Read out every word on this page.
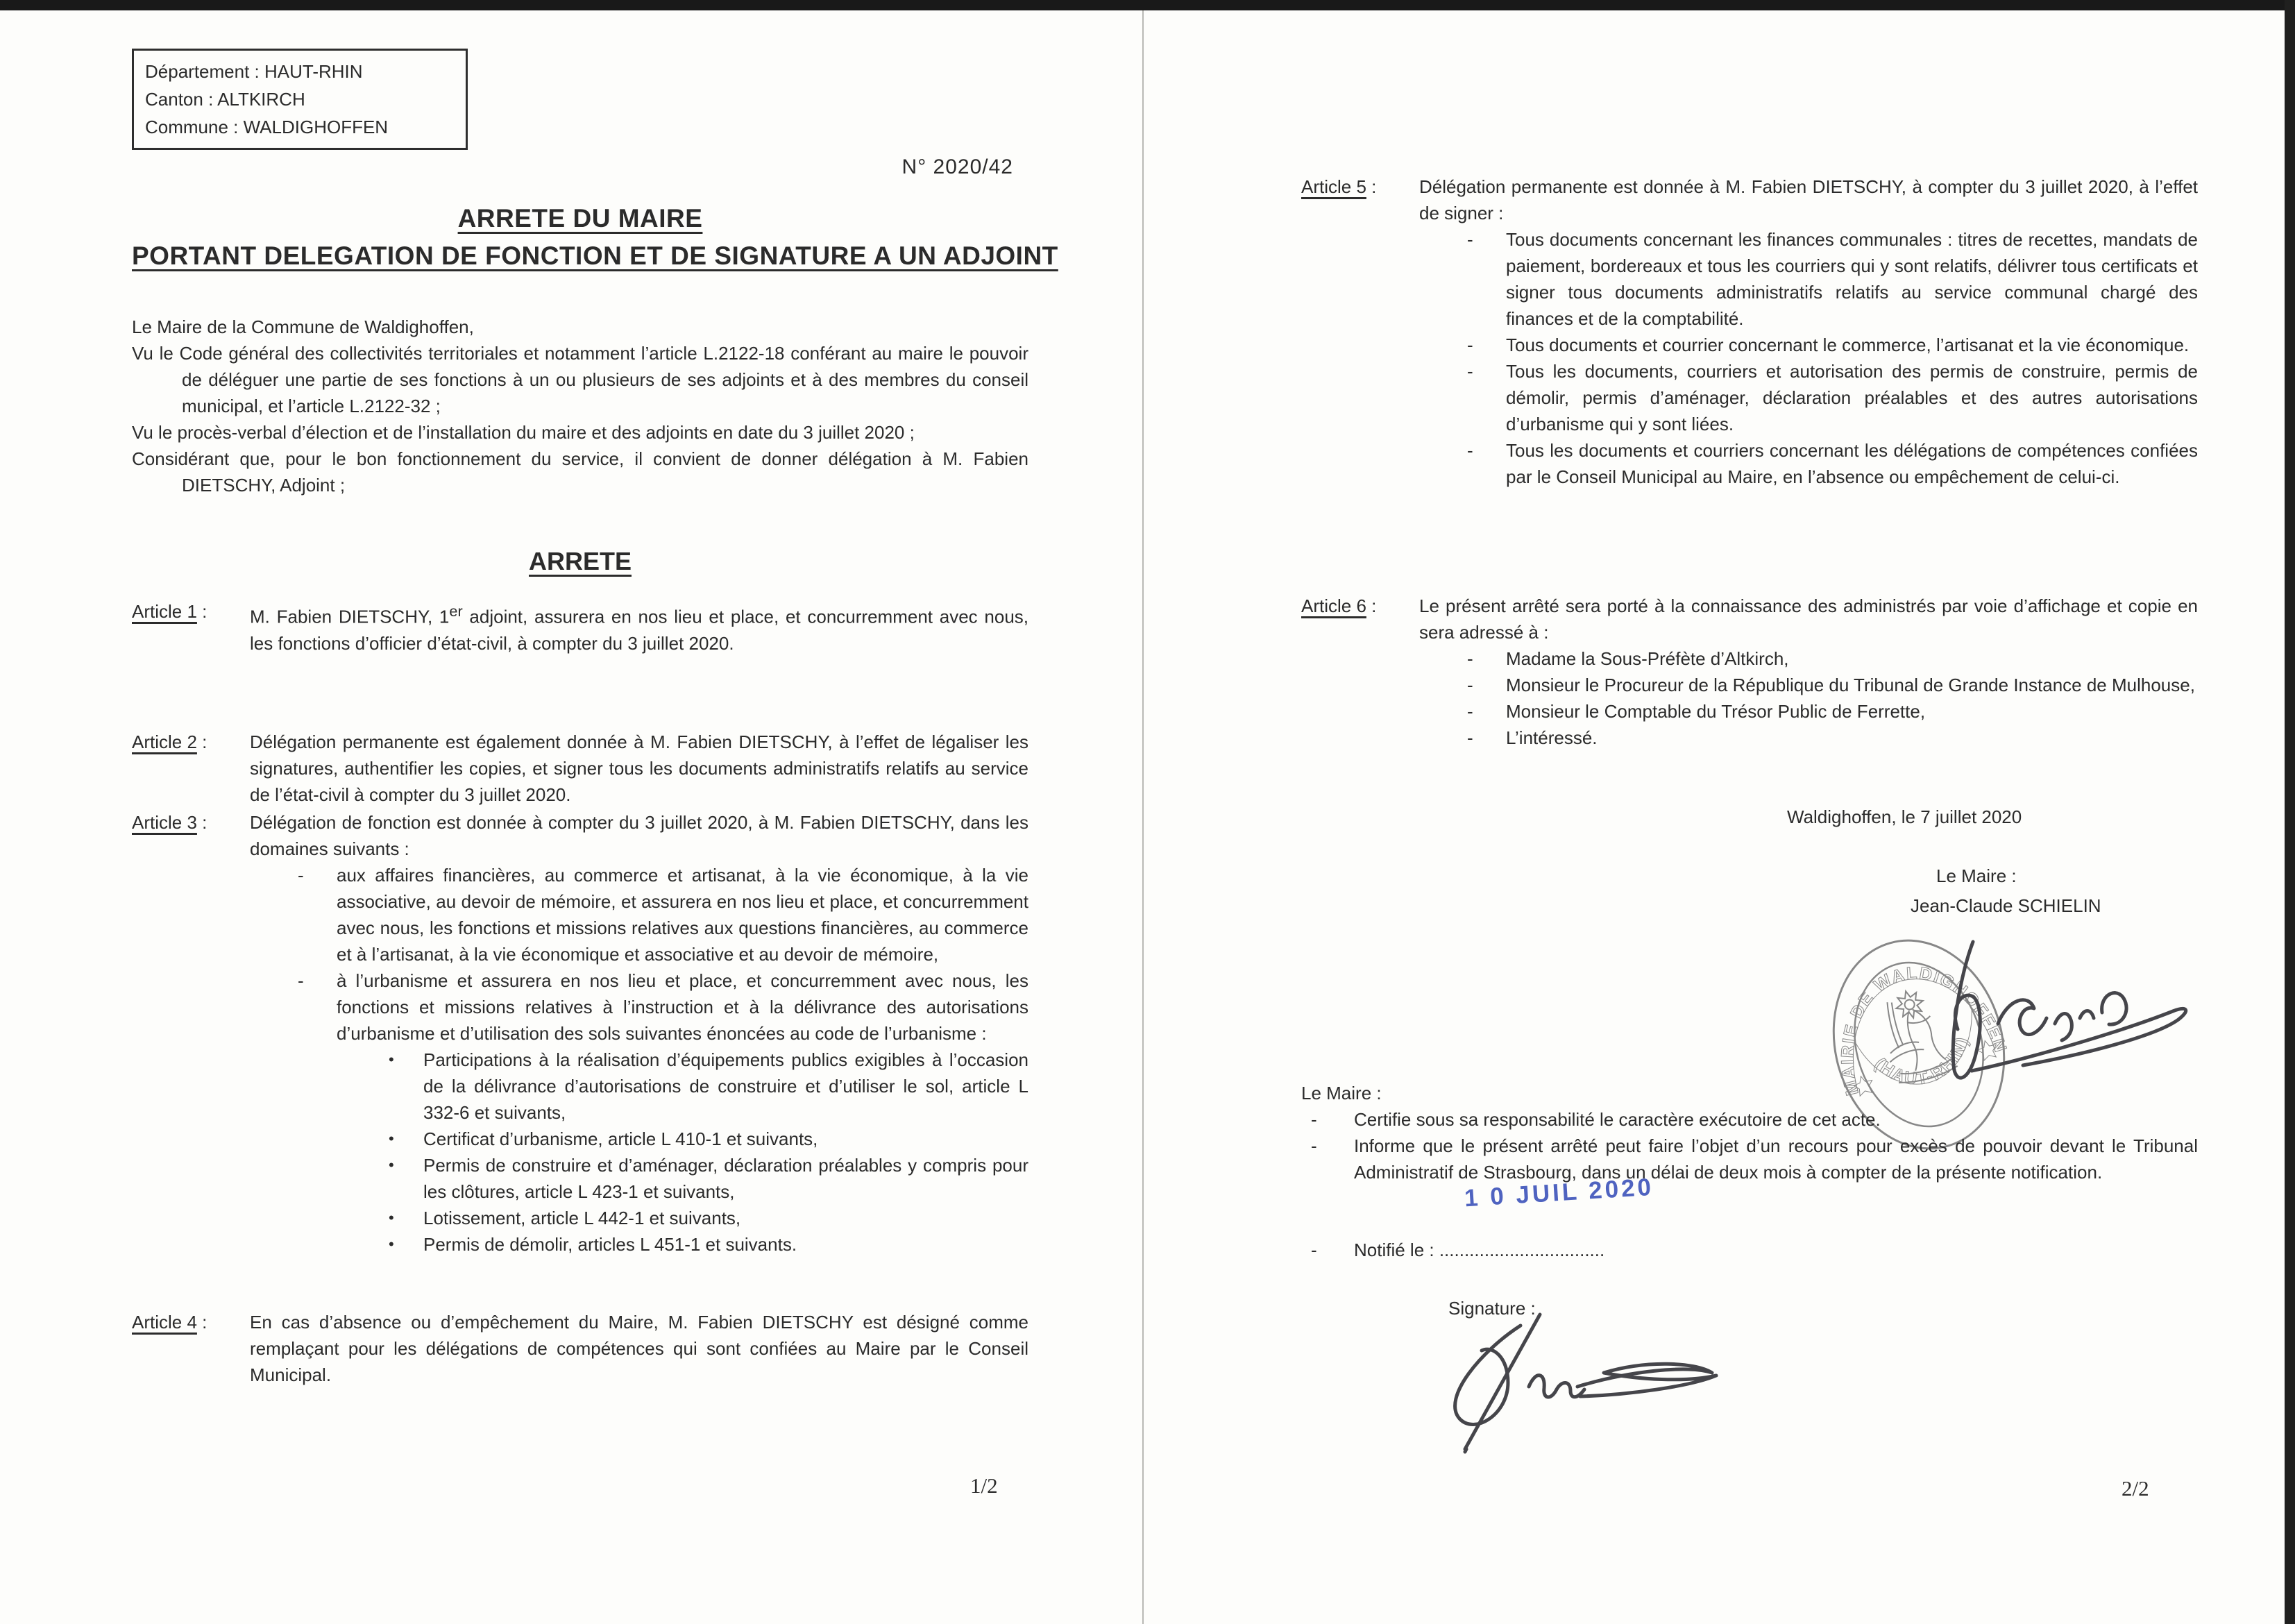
Département : HAUT-RHIN
Canton : ALTKIRCH
Commune : WALDIGHOFFEN
N° 2020/42
ARRETE DU MAIRE
PORTANT DELEGATION DE FONCTION ET DE SIGNATURE A UN ADJOINT

Le Maire de la Commune de Waldighoffen,

Vu le Code général des collectivités territoriales et notamment l’article L.2122-18 conférant au maire le pouvoir de déléguer une partie de ses fonctions à un ou plusieurs de ses adjoints et à des membres du conseil municipal, et l’article L.2122-32 ;

Vu le procès-verbal d’élection et de l’installation du maire et des adjoints en date du 3 juillet 2020 ;

Considérant que, pour le bon fonctionnement du service, il convient de donner délégation à M. Fabien DIETSCHY, Adjoint ;

ARRETE
Article 1 :	M. Fabien DIETSCHY, 1er adjoint, assurera en nos lieu et place, et concurremment avec nous, les fonctions d’officier d’état-civil, à compter du 3 juillet 2020.
Article 2 :	Délégation permanente est également donnée à M. Fabien DIETSCHY, à l’effet de légaliser les signatures, authentifier les copies, et signer tous les documents administratifs relatifs au service de l’état-civil à compter du 3 juillet 2020.
Article 3 :	Délégation de fonction est donnée à compter du 3 juillet 2020, à M. Fabien DIETSCHY, dans les domaines suivants :

-	aux affaires financières, au commerce et artisanat, à la vie économique, à la vie associative, au devoir de mémoire, et assurera en nos lieu et place, et concurremment avec nous, les fonctions et missions relatives aux questions financières, au commerce et à l’artisanat, à la vie économique et associative et au devoir de mémoire,
-	à l’urbanisme et assurera en nos lieu et place, et concurremment avec nous, les fonctions et missions relatives à l’instruction et à la délivrance des autorisations d’urbanisme et d’utilisation des sols suivantes énoncées au code de l’urbanisme :
•	Participations à la réalisation d’équipements publics exigibles à l’occasion de la délivrance d’autorisations de construire et d’utiliser le sol, article L 332-6 et suivants,
•	Certificat d’urbanisme, article L 410-1 et suivants,
•	Permis de construire et d’aménager, déclaration préalables y compris pour les clôtures, article L 423-1 et suivants,
•	Lotissement, article L 442-1 et suivants,
•	Permis de démolir, articles L 451-1 et suivants.
Article 4 :	En cas d’absence ou d’empêchement du Maire, M. Fabien DIETSCHY est désigné comme remplaçant pour les délégations de compétences qui sont confiées au Maire par le Conseil Municipal.
1/2
Article 5 :	Délégation permanente est donnée à M. Fabien DIETSCHY, à compter du 3 juillet 2020, à l’effet de signer :

-	Tous documents concernant les finances communales : titres de recettes, mandats de paiement, bordereaux et tous les courriers qui y sont relatifs, délivrer tous certificats et signer tous documents administratifs relatifs au service communal chargé des finances et de la comptabilité.
-	Tous documents et courrier concernant le commerce, l’artisanat et la vie économique.
-	Tous les documents, courriers et autorisation des permis de construire, permis de démolir, permis d’aménager, déclaration préalables et des autres autorisations d’urbanisme qui y sont liées.
-	Tous les documents et courriers concernant les délégations de compétences confiées par le Conseil Municipal au Maire, en l’absence ou empêchement de celui-ci.
Article 6 :	Le présent arrêté sera porté à la connaissance des administrés par voie d’affichage et copie en sera adressé à :

-	Madame la Sous-Préfète d’Altkirch,
-	Monsieur le Procureur de la République du Tribunal de Grande Instance de Mulhouse,
-	Monsieur le Comptable du Trésor Public de Ferrette,
-	L’intéressé.
Waldighoffen, le 7 juillet 2020
Le Maire :
Jean-Claude SCHIELIN
MAIRIE DE WALDIGHOFFEN
(HAUT-RHIN)
Le Maire :
-	Certifie sous sa responsabilité le caractère exécutoire de cet acte.
-	Informe que le présent arrêté peut faire l’objet d’un recours pour excès de pouvoir devant le Tribunal Administratif de Strasbourg, dans un délai de deux mois à compter de la présente notification.
1 0 JUIL 2020
-	Notifié le : .................................
Signature :
2/2
